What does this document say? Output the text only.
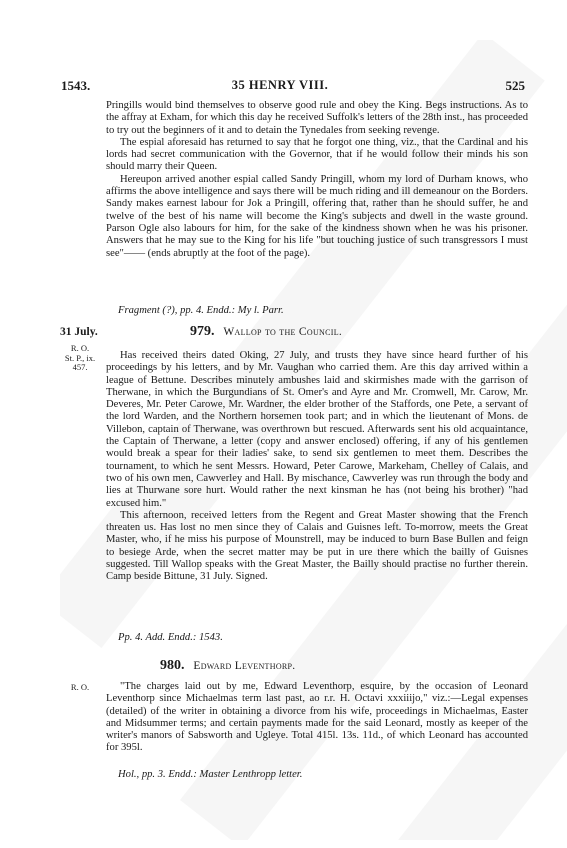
1543.	35 HENRY VIII.	525

Pringills would bind themselves to observe good rule and obey the King. Begs instructions. As to the affray at Exham, for which this day he received Suffolk's letters of the 28th inst., has proceeded to try out the beginners of it and to detain the Tynedales from seeking revenge.

The espial aforesaid has returned to say that he forgot one thing, viz., that the Cardinal and his lords had secret communication with the Governor, that if he would follow their minds his son should marry their Queen.

Hereupon arrived another espial called Sandy Pringill, whom my lord of Durham knows, who affirms the above intelligence and says there will be much riding and ill demeanour on the Borders. Sandy makes earnest labour for Jok a Pringill, offering that, rather than he should suffer, he and twelve of the best of his name will become the King's subjects and dwell in the waste ground. Parson Ogle also labours for him, for the sake of the kindness shown when he was his prisoner. Answers that he may sue to the King for his life "but touching justice of such transgressors I must see"—— (ends abruptly at the foot of the page).

Fragment (?), pp. 4. Endd.: My l. Parr.
31 July.	979. Wallop to the Council.
R. O.
St. P., ix. 457.

Has received theirs dated Oking, 27 July, and trusts they have since heard further of his proceedings by his letters, and by Mr. Vaughan who carried them. Are this day arrived within a league of Bettune. Describes minutely ambushes laid and skirmishes made with the garrison of Therwane, in which the Burgundians of St. Omer's and Ayre and Mr. Cromwell, Mr. Carow, Mr. Deveres, Mr. Peter Carowe, Mr. Wardner, the elder brother of the Staffords, one Pete, a servant of the lord Warden, and the Northern horsemen took part; and in which the lieutenant of Mons. de Villebon, captain of Therwane, was overthrown but rescued. Afterwards sent his old acquaintance, the Captain of Therwane, a letter (copy and answer enclosed) offering, if any of his gentlemen would break a spear for their ladies' sake, to send six gentlemen to meet them. Describes the tournament, to which he sent Messrs. Howard, Peter Carowe, Markeham, Chelley of Calais, and two of his own men, Cawverley and Hall. By mischance, Cawverley was run through the body and lies at Thurwane sore hurt. Would rather the next kinsman he has (not being his brother) "had excused him."

This afternoon, received letters from the Regent and Great Master showing that the French threaten us. Has lost no men since they of Calais and Guisnes left. To-morrow, meets the Great Master, who, if he miss his purpose of Mounstrell, may be induced to burn Base Bullen and feign to besiege Arde, when the secret matter may be put in ure there which the bailly of Guisnes suggested. Till Wallop speaks with the Great Master, the Bailly should practise no further therein. Camp beside Bittune, 31 July. Signed.

Pp. 4. Add. Endd.: 1543.
980. Edward Leventhorp.
R. O.	"The charges laid out by me, Edward Leventhorp, esquire, by the occasion of Leonard Leventhorp since Michaelmas term last past, ao r.r. H. Octavi xxxiiijo," viz.:—Legal expenses (detailed) of the writer in obtaining a divorce from his wife, proceedings in Michaelmas, Easter and Midsummer terms; and certain payments made for the said Leonard, mostly as keeper of the writer's manors of Sabsworth and Ugleye. Total 415l. 13s. 11d., of which Leonard has accounted for 395l.

Hol., pp. 3. Endd.: Master Lenthropp letter.
